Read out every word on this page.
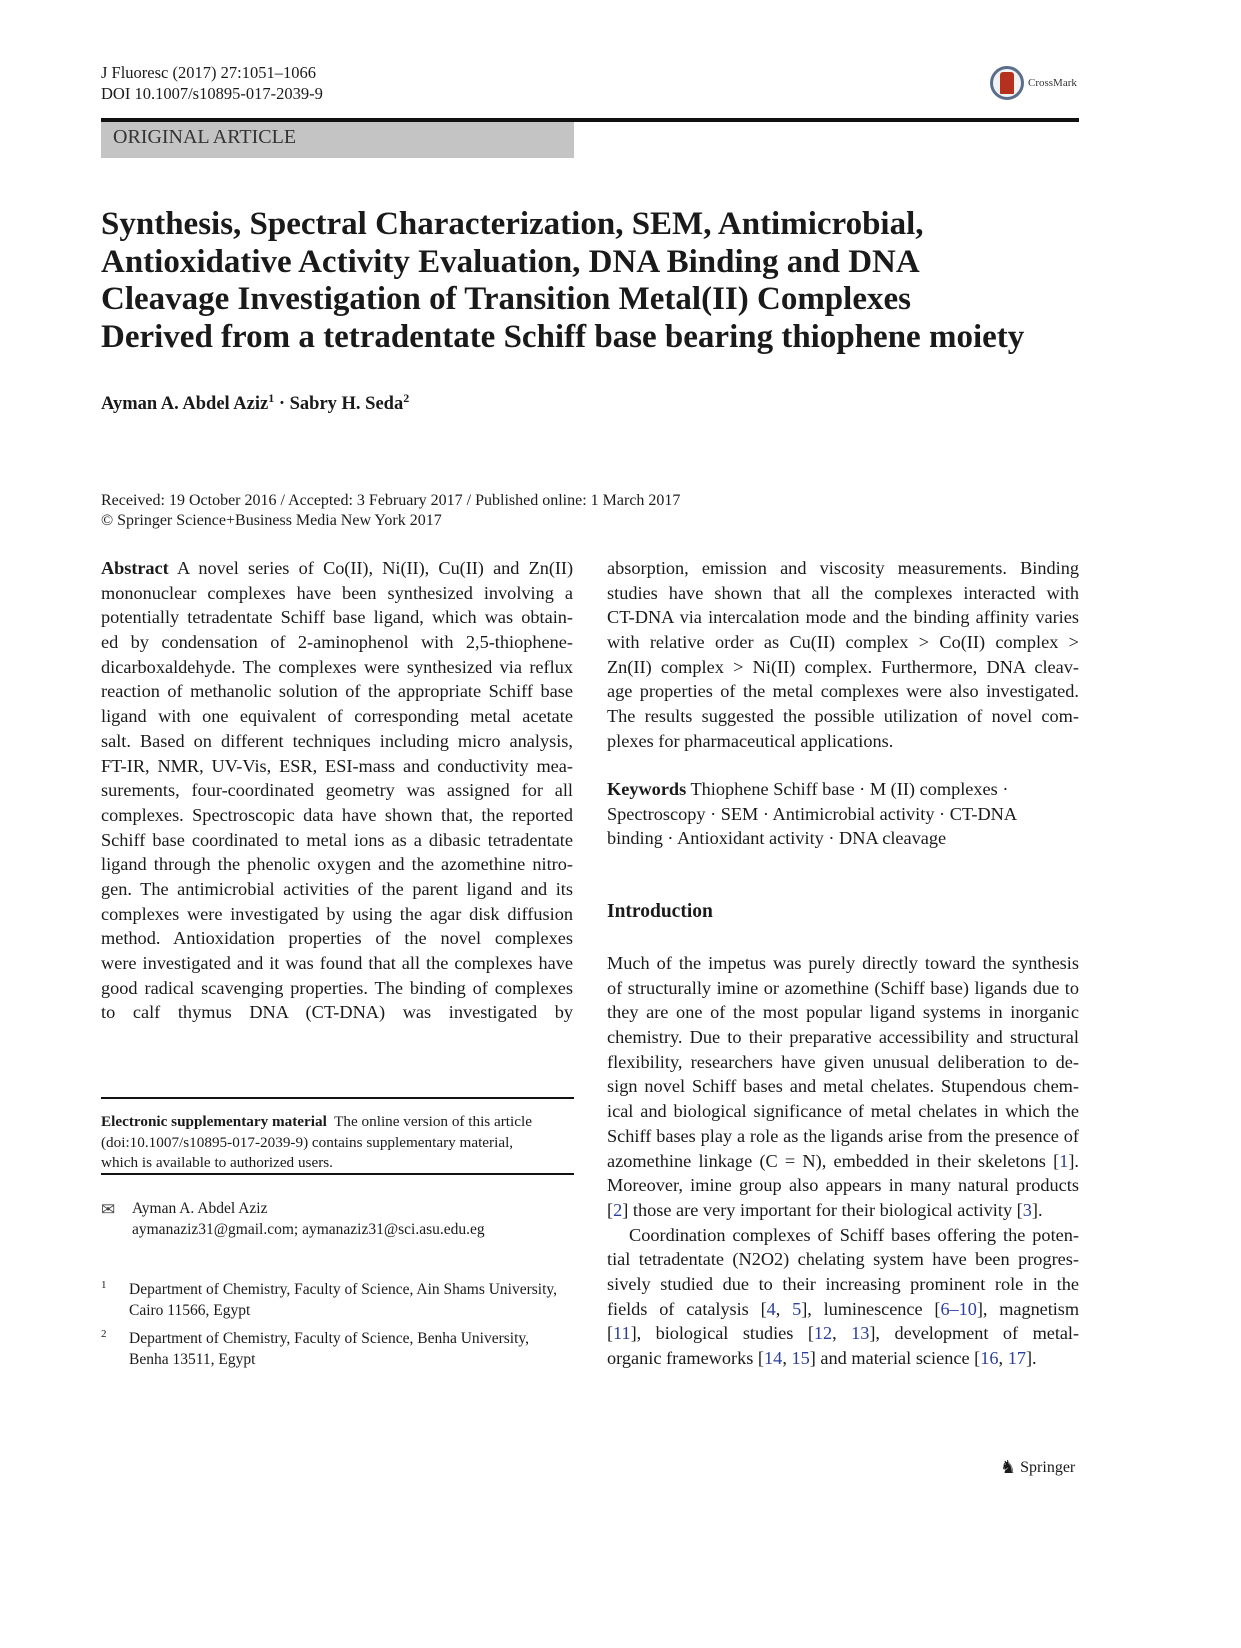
J Fluoresc (2017) 27:1051–1066
DOI 10.1007/s10895-017-2039-9
CrossMark
ORIGINAL ARTICLE
Synthesis, Spectral Characterization, SEM, Antimicrobial,
Antioxidative Activity Evaluation, DNA Binding and DNA
Cleavage Investigation of Transition Metal(II) Complexes
Derived from a tetradentate Schiff base bearing thiophene moiety
Ayman A. Abdel Aziz$^1$ · Sabry H. Seda$^2$
Received: 19 October 2016 / Accepted: 3 February 2017 / Published online: 1 March 2017
© Springer Science+Business Media New York 2017
Abstract A novel series of Co(II), Ni(II), Cu(II) and Zn(II)
mononuclear complexes have been synthesized involving a
potentially tetradentate Schiff base ligand, which was obtain-
ed by condensation of 2-aminophenol with 2,5-thiophene-
dicarboxaldehyde. The complexes were synthesized via reflux
reaction of methanolic solution of the appropriate Schiff base
ligand with one equivalent of corresponding metal acetate
salt. Based on different techniques including micro analysis,
FT-IR, NMR, UV-Vis, ESR, ESI-mass and conductivity mea-
surements, four-coordinated geometry was assigned for all
complexes. Spectroscopic data have shown that, the reported
Schiff base coordinated to metal ions as a dibasic tetradentate
ligand through the phenolic oxygen and the azomethine nitro-
gen. The antimicrobial activities of the parent ligand and its
complexes were investigated by using the agar disk diffusion
method. Antioxidation properties of the novel complexes
were investigated and it was found that all the complexes have
good radical scavenging properties. The binding of complexes
to calf thymus DNA (CT-DNA) was investigated by
absorption, emission and viscosity measurements. Binding
studies have shown that all the complexes interacted with
CT-DNA via intercalation mode and the binding affinity varies
with relative order as Cu(II) complex > Co(II) complex >
Zn(II) complex > Ni(II) complex. Furthermore, DNA cleav-
age properties of the metal complexes were also investigated.
The results suggested the possible utilization of novel com-
plexes for pharmaceutical applications.
Keywords Thiophene Schiff base · M (II) complexes ·
Spectroscopy · SEM · Antimicrobial activity · CT-DNA
binding · Antioxidant activity · DNA cleavage
Introduction
Much of the impetus was purely directly toward the synthesis
of structurally imine or azomethine (Schiff base) ligands due to
they are one of the most popular ligand systems in inorganic
chemistry. Due to their preparative accessibility and structural
flexibility, researchers have given unusual deliberation to de-
sign novel Schiff bases and metal chelates. Stupendous chem-
ical and biological significance of metal chelates in which the
Schiff bases play a role as the ligands arise from the presence of
azomethine linkage (C = N), embedded in their skeletons [1].
Moreover, imine group also appears in many natural products
[2] those are very important for their biological activity [3].
Coordination complexes of Schiff bases offering the poten-
tial tetradentate (N2O2) chelating system have been progres-
sively studied due to their increasing prominent role in the
fields of catalysis [4, 5], luminescence [6–10], magnetism
[11], biological studies [12, 13], development of metal-
organic frameworks [14, 15] and material science [16, 17].
Electronic supplementary material The online version of this article
(doi:10.1007/s10895-017-2039-9) contains supplementary material,
which is available to authorized users.
✉ Ayman A. Abdel Aziz
aymanaziz31@gmail.com; aymanaziz31@sci.asu.edu.eg
1 Department of Chemistry, Faculty of Science, Ain Shams University,
Cairo 11566, Egypt
2 Department of Chemistry, Faculty of Science, Benha University,
Benha 13511, Egypt
♞ Springer
